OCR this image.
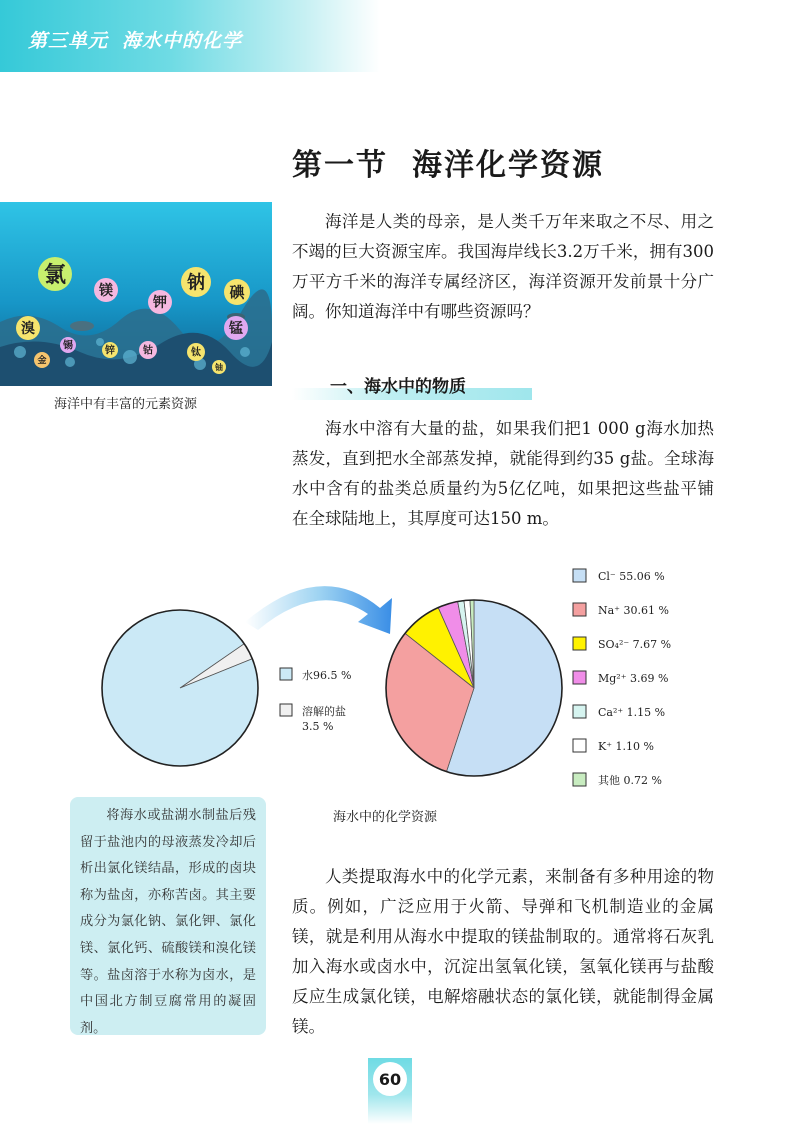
第三单元 海水中的化学
第一节 海洋化学资源
氯
镁	钠
钾
碘
溴	锰
锡	锌	钴	钛
金
铀
海洋中有丰富的元素资源

海洋是人类的母亲，是人类千万年来取之不尽、用之不竭的巨大资源宝库。我国海岸线长3.2万千米，拥有300万平方千米的海洋专属经济区，海洋资源开发前景十分广阔。你知道海洋中有哪些资源吗？

一、海水中的物质

海水中溶有大量的盐，如果我们把1 000 g海水加热蒸发，直到把水全部蒸发掉，就能得到约35 g盐。全球海水中含有的盐类总质量约为5亿亿吨，如果把这些盐平铺在全球陆地上，其厚度可达150 m。

水96.5 %
溶解的盐
3.5 %
Cl⁻ 55.06 %
Na⁺ 30.61 %
SO₄²⁻ 7.67 %
Mg²⁺ 3.69 %
Ca²⁺ 1.15 %
K⁺ 1.10 %
其他 0.72 %
海水中的化学资源

将海水或盐湖水制盐后残留于盐池内的母液蒸发冷却后析出氯化镁结晶，形成的卤块称为盐卤，亦称苦卤。其主要成分为氯化钠、氯化钾、氯化镁、氯化钙、硫酸镁和溴化镁等。盐卤溶于水称为卤水，是中国北方制豆腐常用的凝固剂。

人类提取海水中的化学元素，来制备有多种用途的物质。例如，广泛应用于火箭、导弹和飞机制造业的金属镁，就是利用从海水中提取的镁盐制取的。通常将石灰乳加入海水或卤水中，沉淀出氢氧化镁，氢氧化镁再与盐酸反应生成氯化镁，电解熔融状态的氯化镁，就能制得金属镁。

60
